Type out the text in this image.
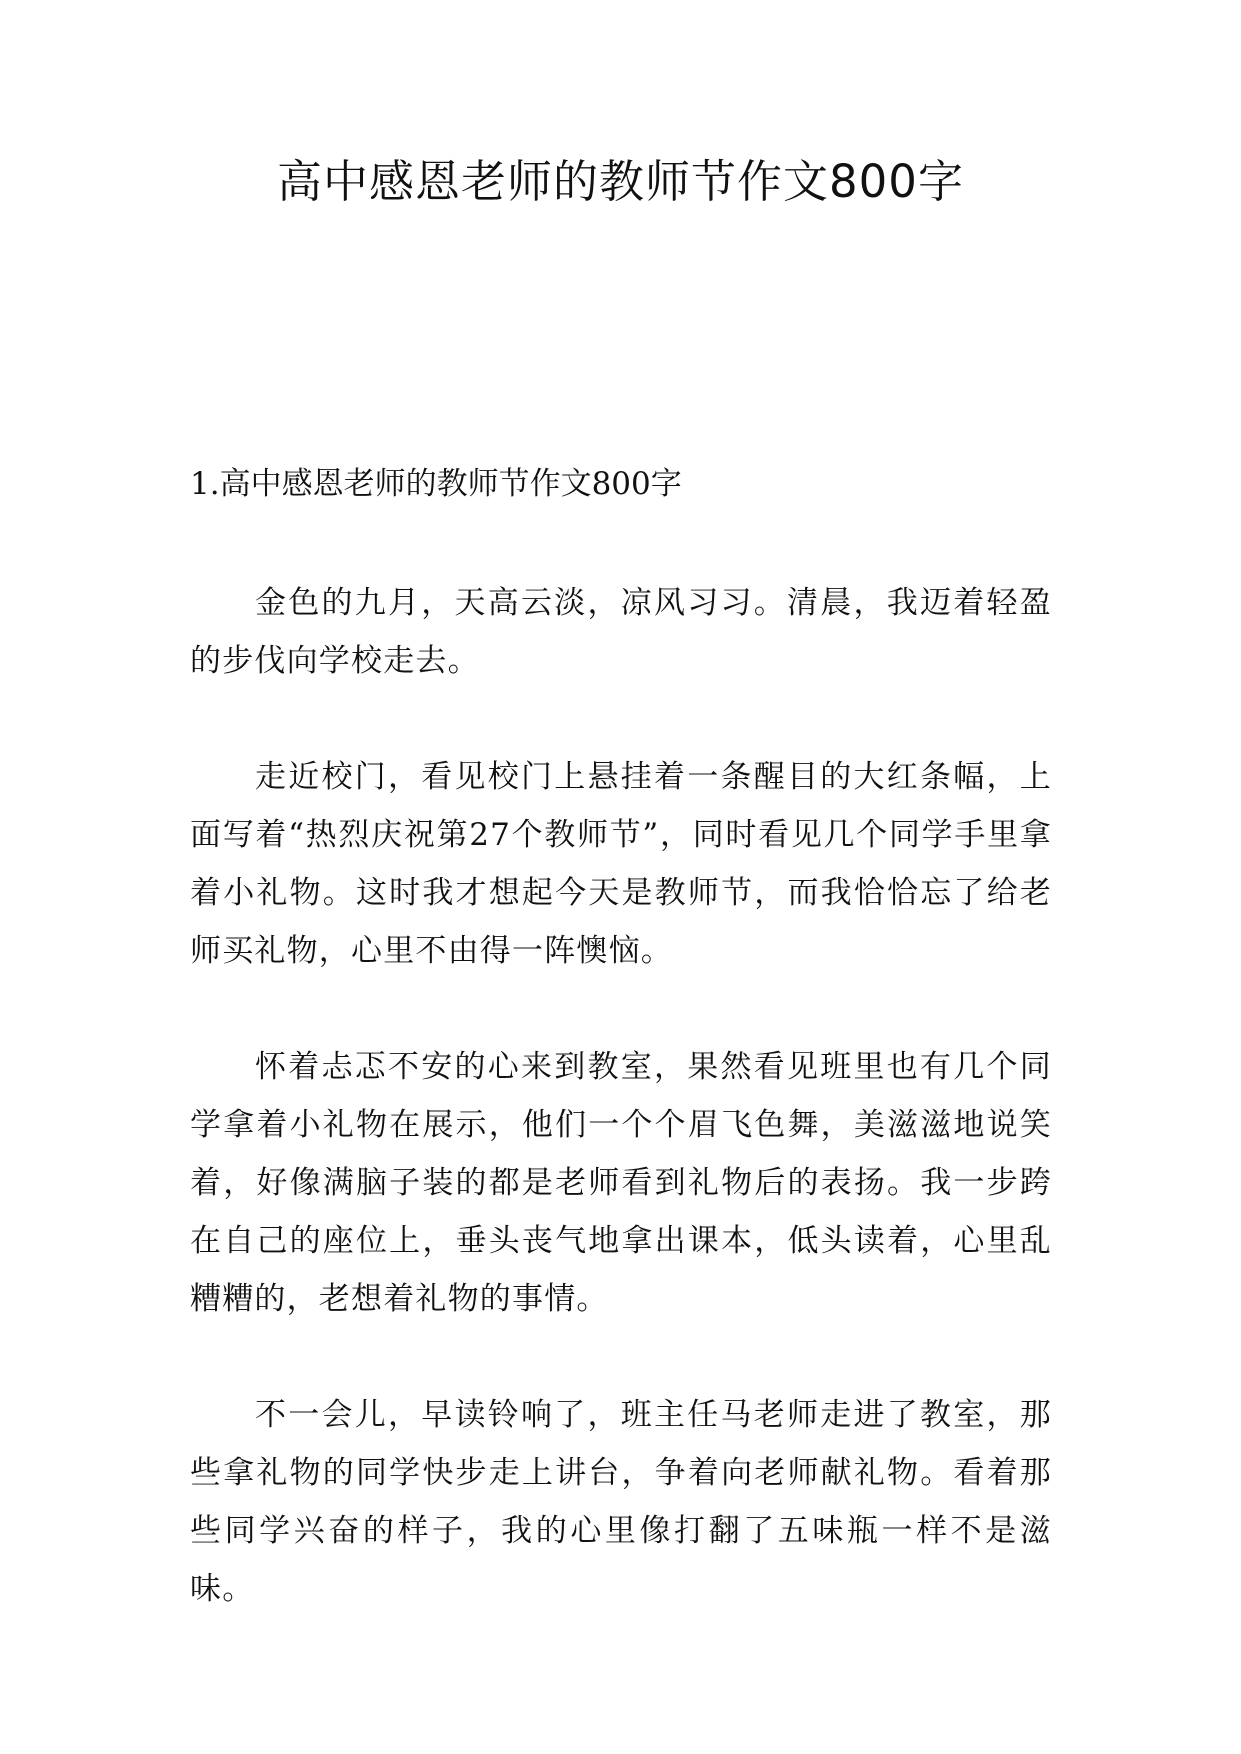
高中感恩老师的教师节作文800字
1.高中感恩老师的教师节作文800字

金色的九月，天高云淡，凉风习习。清晨，我迈着轻盈的步伐向学校走去。

走近校门，看见校门上悬挂着一条醒目的大红条幅，上面写着“热烈庆祝第27个教师节”，同时看见几个同学手里拿着小礼物。这时我才想起今天是教师节，而我恰恰忘了给老师买礼物，心里不由得一阵懊恼。

怀着忐忑不安的心来到教室，果然看见班里也有几个同学拿着小礼物在展示，他们一个个眉飞色舞，美滋滋地说笑着，好像满脑子装的都是老师看到礼物后的表扬。我一步跨在自己的座位上，垂头丧气地拿出课本，低头读着，心里乱糟糟的，老想着礼物的事情。

不一会儿，早读铃响了，班主任马老师走进了教室，那些拿礼物的同学快步走上讲台，争着向老师献礼物。看着那些同学兴奋的样子，我的心里像打翻了五味瓶一样不是滋味。
